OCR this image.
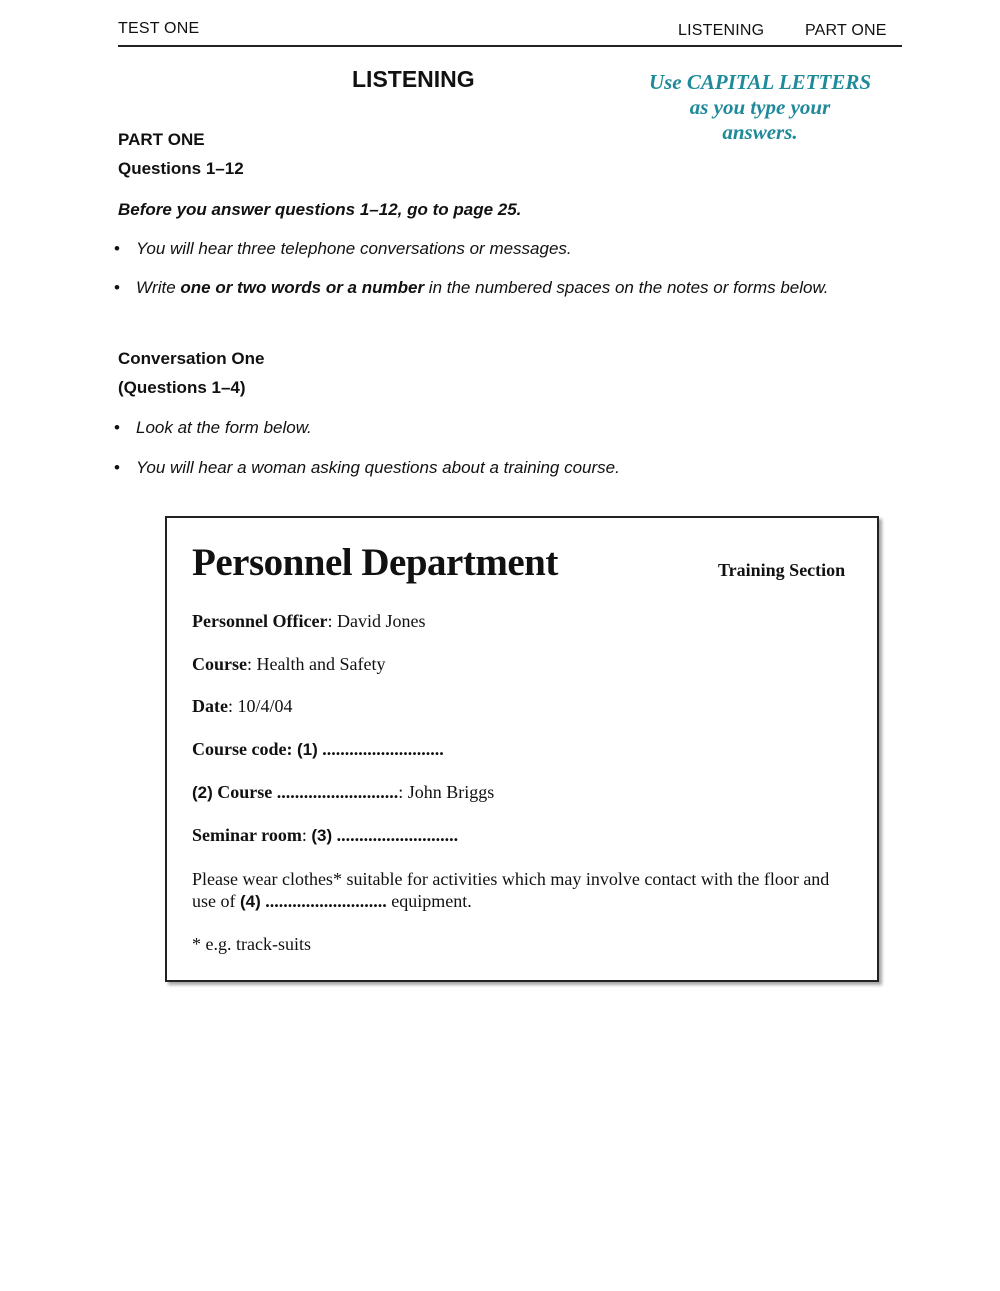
TEST ONE	LISTENING	PART ONE
LISTENING	Use CAPITAL LETTERS
as you type your
answers.
PART ONE
Questions 1–12
Before you answer questions 1–12, go to page 25.
• You will hear three telephone conversations or messages.
• Write one or two words or a number in the numbered spaces on the notes or forms below.
Conversation One
(Questions 1–4)
• Look at the form below.
• You will hear a woman asking questions about a training course.
Personnel Department	Training Section
Personnel Officer: David Jones
Course: Health and Safety
Date: 10/4/04
Course code: (1) ...........................
(2) Course ...........................: John Briggs
Seminar room: (3) ...........................
Please wear clothes* suitable for activities which may involve contact with the floor and
use of (4) ........................... equipment.
* e.g. track-suits
